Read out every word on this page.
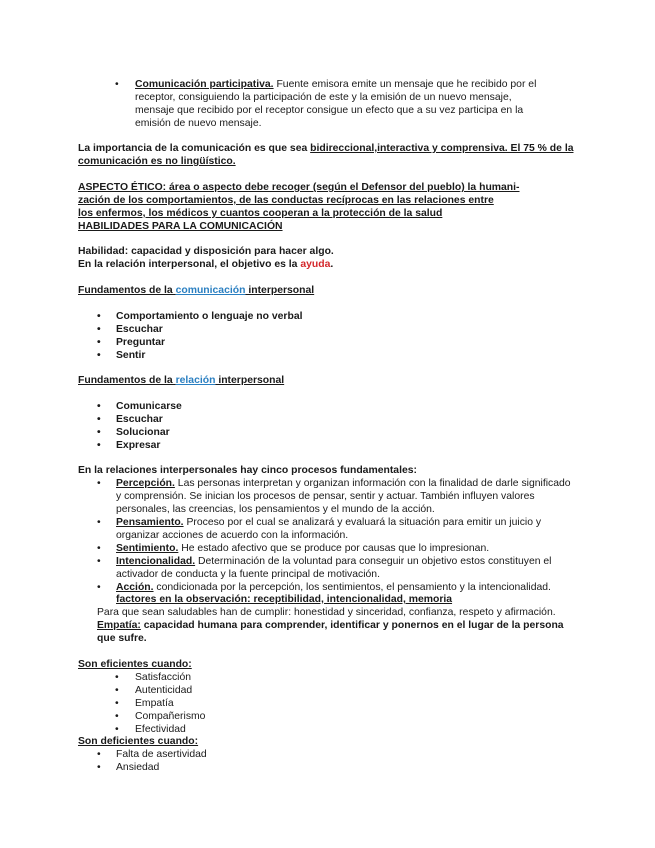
• Comunicación participativa. Fuente emisora emite un mensaje que he recibido por el receptor, consiguiendo la participación de este y la emisión de un nuevo mensaje, mensaje que recibido por el receptor consigue un efecto que a su vez participa en la emisión de nuevo mensaje.

La importancia de la comunicación es que sea bidireccional,interactiva y comprensiva. El 75 % de la comunicación es no lingüístico.
ASPECTO ÉTICO: área o aspecto debe recoger (según el Defensor del pueblo) la humani-
zación de los comportamientos, de las conductas recíprocas en las relaciones entre
los enfermos, los médicos y cuantos cooperan a la protección de la salud
HABILIDADES PARA LA COMUNICACIÓN
Habilidad: capacidad y disposición para hacer algo.
En la relación interpersonal, el objetivo es la ayuda.
Fundamentos de la comunicación interpersonal
• Comportamiento o lenguaje no verbal
• Escuchar
• Preguntar
• Sentir
Fundamentos de la relación interpersonal
• Comunicarse
• Escuchar
• Solucionar
• Expresar
En la relaciones interpersonales hay cinco procesos fundamentales:
• Percepción. Las personas interpretan y organizan información con la finalidad de darle significado y comprensión. Se inician los procesos de pensar, sentir y actuar. También influyen valores personales, las creencias, los pensamientos y el mundo de la acción.

• Pensamiento. Proceso por el cual se analizará y evaluará la situación para emitir un juicio y organizar acciones de acuerdo con la información.

• Sentimiento. He estado afectivo que se produce por causas que lo impresionan.

• Intencionalidad. Determinación de la voluntad para conseguir un objetivo estos constituyen el activador de conducta y la fuente principal de motivación.

• Acción. condicionada por la percepción, los sentimientos, el pensamiento y la intencionalidad.

factores en la observación: receptibilidad, intencionalidad, memoria
Para que sean saludables han de cumplir: honestidad y sinceridad, confianza, respeto y afirmación.
Empatía: capacidad humana para comprender, identificar y ponernos en el lugar de la persona que sufre.
Son eficientes cuando:
• Satisfacción
• Autenticidad
• Empatía
• Compañerismo
• Efectividad
Son deficientes cuando:
• Falta de asertividad
• Ansiedad
